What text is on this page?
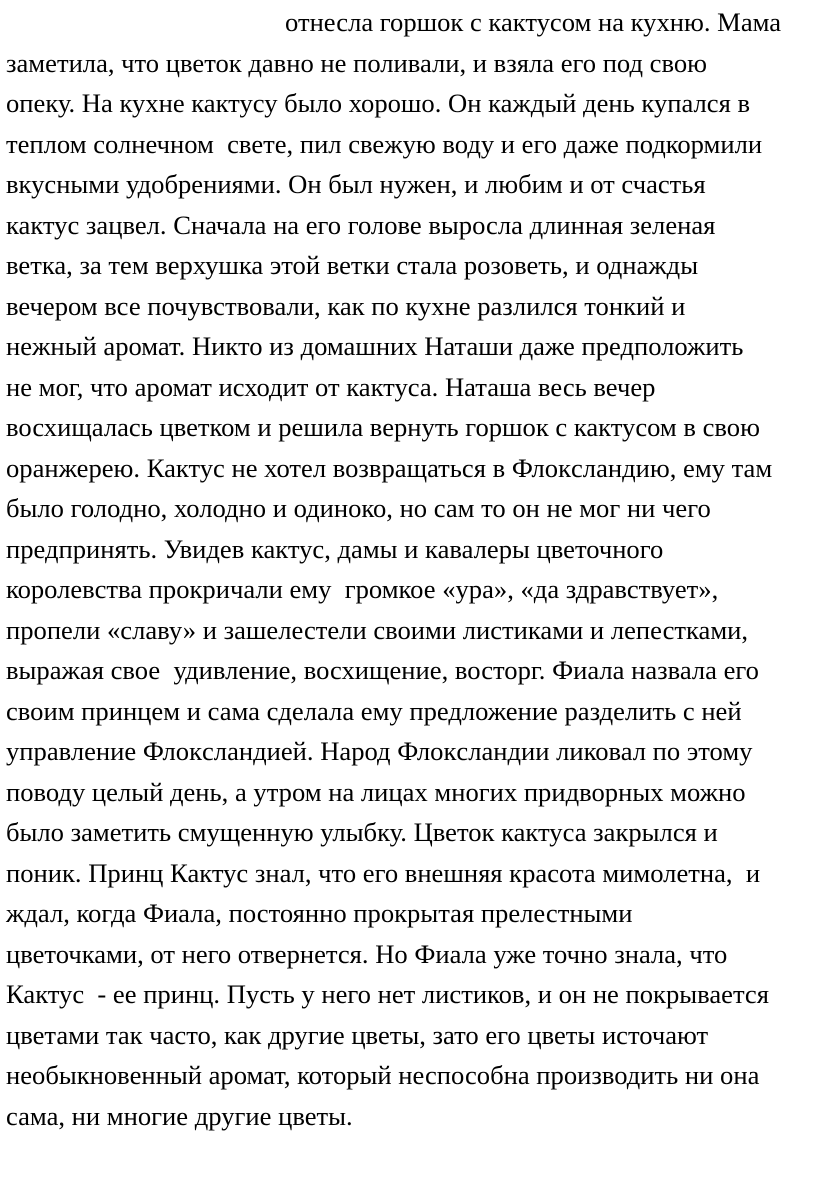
отнесла горшок с кактусом на кухню. Мама
заметила, что цветок давно не поливали, и взяла его под свою
опеку. На кухне кактусу было хорошо. Он каждый день купался в
теплом солнечном  свете, пил свежую воду и его даже подкормили
вкусными удобрениями. Он был нужен, и любим и от счастья
кактус зацвел. Сначала на его голове выросла длинная зеленая
ветка, за тем верхушка этой ветки стала розоветь, и однажды
вечером все почувствовали, как по кухне разлился тонкий и
нежный аромат. Никто из домашних Наташи даже предположить
не мог, что аромат исходит от кактуса. Наташа весь вечер
восхищалась цветком и решила вернуть горшок с кактусом в свою
оранжерею. Кактус не хотел возвращаться в Флокcландию, ему там
было голодно, холодно и одиноко, но сам то он не мог ни чего
предпринять. Увидев кактус, дамы и кавалеры цветочного
королевства прокричали ему  громкое «ура», «да здравствует»,
пропели «славу» и зашелестели своими листиками и лепестками,
выражая свое  удивление, восхищение, восторг. Фиала назвала его
своим принцем и сама сделала ему предложение разделить с ней
управление Флокcландией. Народ Флокcландии ликовал по этому
поводу целый день, а утром на лицах многих придворных можно
было заметить смущенную улыбку. Цветок кактуса закрылся и
поник. Принц Кактус знал, что его внешняя красота мимолетна,  и
ждал, когда Фиала, постоянно прокрытая прелестными
цветочками, от него отвернется. Но Фиала уже точно знала, что
Кактус  - ее принц. Пусть у него нет листиков, и он не покрывается
цветами так часто, как другие цветы, зато его цветы источают
необыкновенный аромат, который неспособна производить ни она
сама, ни многие другие цветы.
